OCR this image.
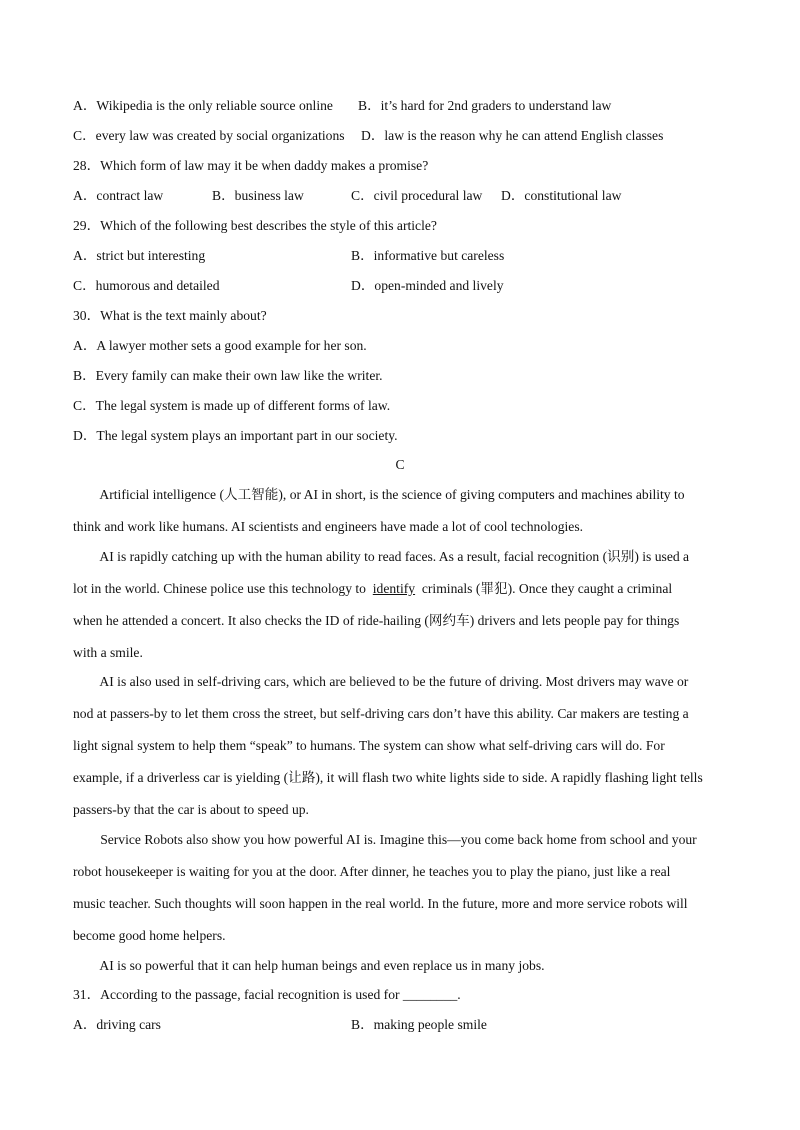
A．Wikipedia is the only reliable source online

B．it’s hard for 2nd graders to understand law

C．every law was created by social organizations

D．law is the reason why he can attend English classes

28．Which form of law may it be when daddy makes a promise?

A．contract law

	B．business law

	C．civil procedural law

D．constitutional law

29．Which of the following best describes the style of this article?

A．strict but interesting

	B．informative but careless

C．humorous and detailed

	D．open-minded and lively

30．What is the text mainly about?
A．A lawyer mother sets a good example for her son.
B．Every family can make their own law like the writer.
C．The legal system is made up of different forms of law.
D．The legal system plays an important part in our society.
C
Artificial intelligence (人工智能), or AI in short, is the science of giving computers and machines ability to
think and work like humans. AI scientists and engineers have made a lot of cool technologies.
AI is rapidly catching up with the human ability to read faces. As a result, facial recognition (识别) is used a
lot in the world. Chinese police use this technology to  identify  criminals (罪犯). Once they caught a criminal
when he attended a concert. It also checks the ID of ride-hailing (网约车) drivers and lets people pay for things
with a smile.
AI is also used in self-driving cars, which are believed to be the future of driving. Most drivers may wave or
nod at passers-by to let them cross the street, but self-driving cars don’t have this ability. Car makers are testing a
light signal system to help them “speak” to humans. The system can show what self-driving cars will do. For
example, if a driverless car is yielding (让路), it will flash two white lights side to side. A rapidly flashing light tells
passers-by that the car is about to speed up.
Service Robots also show you how powerful AI is. Imagine this—you come back home from school and your
robot housekeeper is waiting for you at the door. After dinner, he teaches you to play the piano, just like a real
music teacher. Such thoughts will soon happen in the real world. In the future, more and more service robots will
become good home helpers.
AI is so powerful that it can help human beings and even replace us in many jobs.
31．According to the passage, facial recognition is used for ________.

A．driving cars

	B．making people smile
